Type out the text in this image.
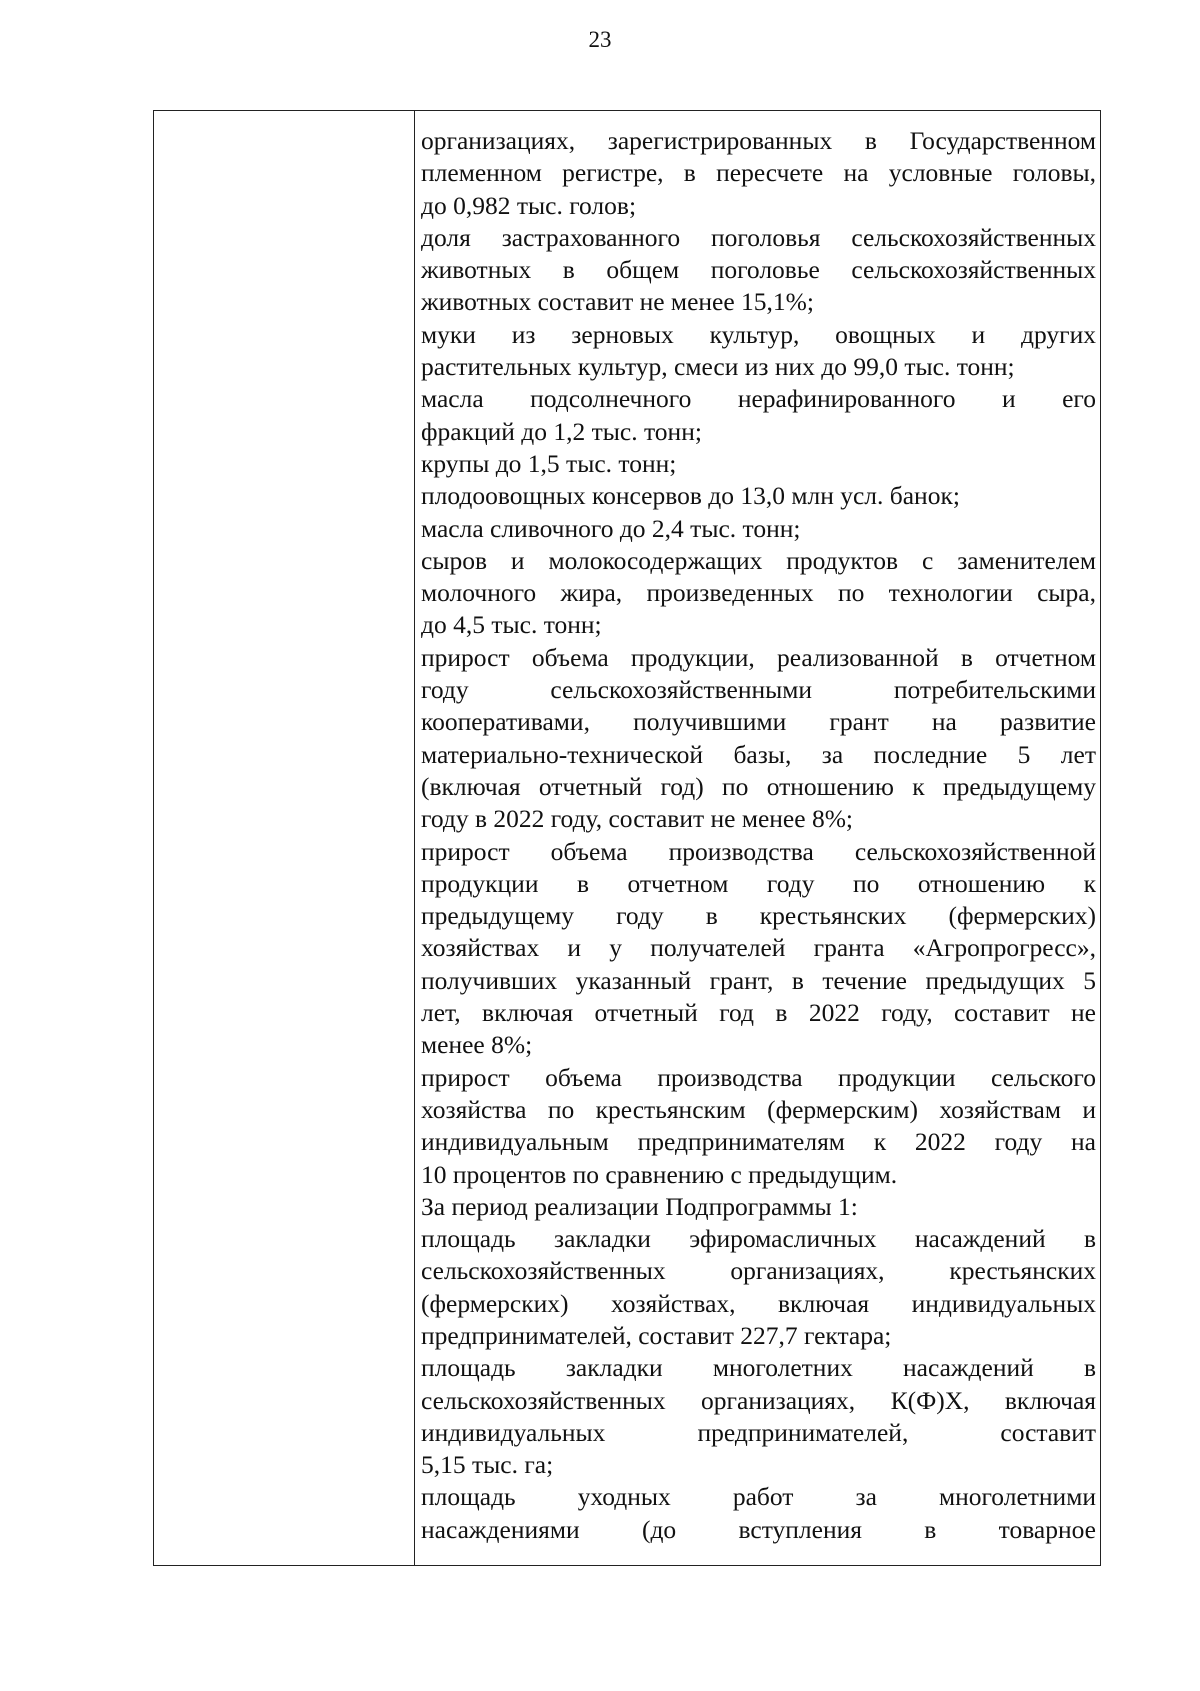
23
организациях, зарегистрированных в Государственном
племенном регистре, в пересчете на условные головы,
до 0,982 тыс. голов;
доля застрахованного поголовья сельскохозяйственных
животных в общем поголовье сельскохозяйственных
животных составит не менее 15,1%;
муки из зерновых культур, овощных и других
растительных культур, смеси из них до 99,0 тыс. тонн;
масла подсолнечного нерафинированного и его
фракций до 1,2 тыс. тонн;
крупы до 1,5 тыс. тонн;
плодоовощных консервов до 13,0 млн усл. банок;
масла сливочного до 2,4 тыс. тонн;
сыров и молокосодержащих продуктов с заменителем
молочного жира, произведенных по технологии сыра,
до 4,5 тыс. тонн;
прирост объема продукции, реализованной в отчетном
году сельскохозяйственными потребительскими
кооперативами, получившими грант на развитие
материально-технической базы, за последние 5 лет
(включая отчетный год) по отношению к предыдущему
году в 2022 году, составит не менее 8%;
прирост объема производства сельскохозяйственной
продукции в отчетном году по отношению к
предыдущему году в крестьянских (фермерских)
хозяйствах и у получателей гранта «Агропрогресс»,
получивших указанный грант, в течение предыдущих 5
лет, включая отчетный год в 2022 году, составит не
менее 8%;
прирост объема производства продукции сельского
хозяйства по крестьянским (фермерским) хозяйствам и
индивидуальным предпринимателям к 2022 году на
10 процентов по сравнению с предыдущим.
За период реализации Подпрограммы 1:
площадь закладки эфиромасличных насаждений в
сельскохозяйственных организациях, крестьянских
(фермерских) хозяйствах, включая индивидуальных
предпринимателей, составит 227,7 гектара;
площадь закладки многолетних насаждений в
сельскохозяйственных организациях, К(Ф)Х, включая
индивидуальных предпринимателей, составит
5,15 тыс. га;
площадь уходных работ за многолетними
насаждениями (до вступления в товарное
